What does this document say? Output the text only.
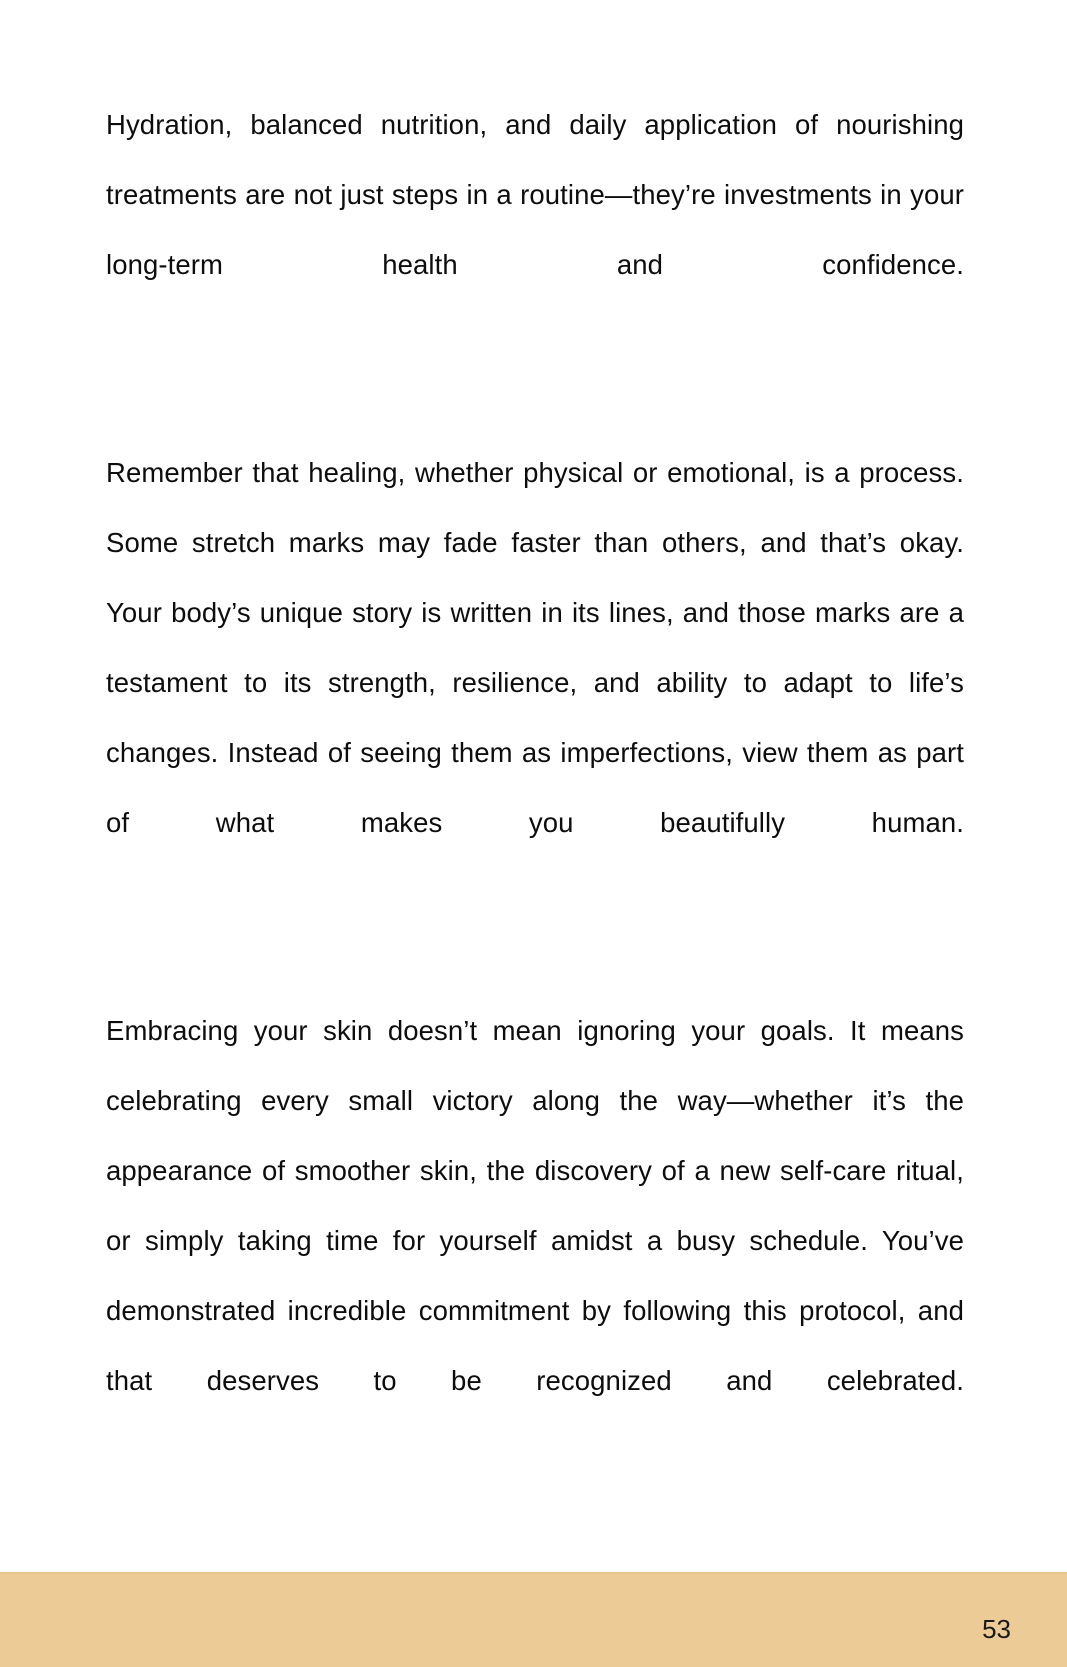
Hydration, balanced nutrition, and daily application of nourishing treatments are not just steps in a routine—they’re investments in your long-term health and confidence.

Remember that healing, whether physical or emotional, is a process. Some stretch marks may fade faster than others, and that’s okay. Your body’s unique story is written in its lines, and those marks are a testament to its strength, resilience, and ability to adapt to life’s changes. Instead of seeing them as imperfections, view them as part of what makes you beautifully human.

Embracing your skin doesn’t mean ignoring your goals. It means celebrating every small victory along the way—whether it’s the appearance of smoother skin, the discovery of a new self-care ritual, or simply taking time for yourself amidst a busy schedule. You’ve demonstrated incredible commitment by following this protocol, and that deserves to be recognized and celebrated.

53
